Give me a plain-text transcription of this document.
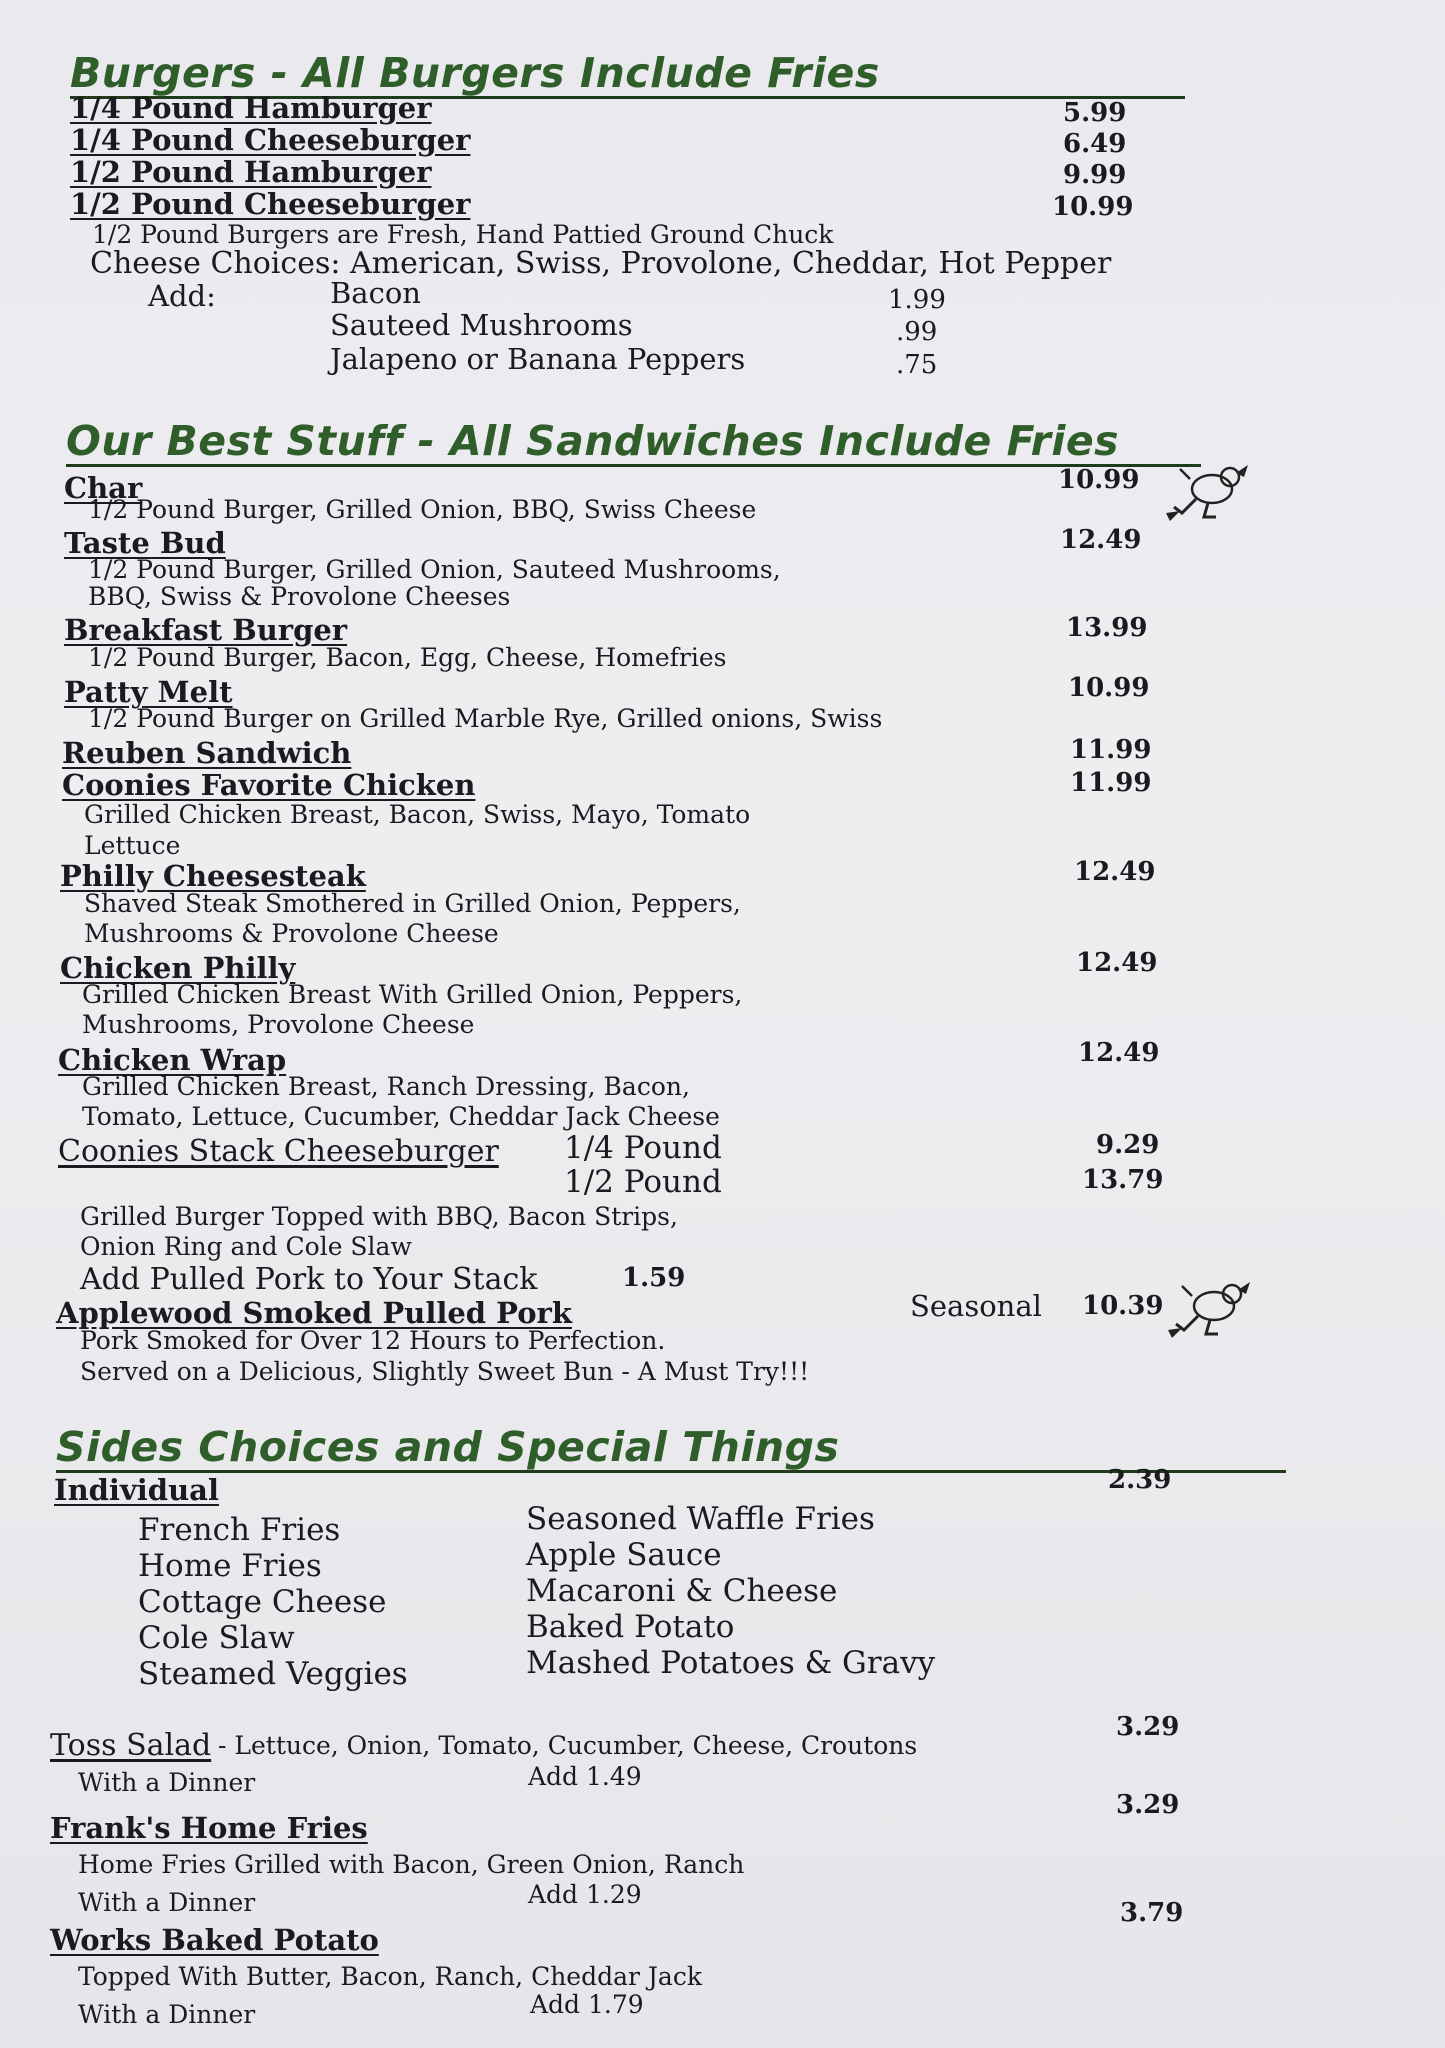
Burgers - All Burgers Include Fries
1/4 Pound Hamburger	5.99
1/4 Pound Cheeseburger	6.49
1/2 Pound Hamburger	9.99
1/2 Pound Cheeseburger	10.99
1/2 Pound Burgers are Fresh, Hand Pattied Ground Chuck
Cheese Choices: American, Swiss, Provolone, Cheddar, Hot Pepper
Add:	Bacon	1.99
Sauteed Mushrooms	.99
Jalapeno or Banana Peppers	.75
Our Best Stuff - All Sandwiches Include Fries
Char	10.99
1/2 Pound Burger, Grilled Onion, BBQ, Swiss Cheese
Taste Bud	12.49
1/2 Pound Burger, Grilled Onion, Sauteed Mushrooms,
BBQ, Swiss & Provolone Cheeses
Breakfast Burger	13.99
1/2 Pound Burger, Bacon, Egg, Cheese, Homefries
Patty Melt	10.99
1/2 Pound Burger on Grilled Marble Rye, Grilled onions, Swiss
Reuben Sandwich	11.99
Coonies Favorite Chicken	11.99
Grilled Chicken Breast, Bacon, Swiss, Mayo, Tomato
Lettuce
Philly Cheesesteak	12.49
Shaved Steak Smothered in Grilled Onion, Peppers,
Mushrooms & Provolone Cheese
Chicken Philly	12.49
Grilled Chicken Breast With Grilled Onion, Peppers,
Mushrooms, Provolone Cheese
Chicken Wrap	12.49
Grilled Chicken Breast, Ranch Dressing, Bacon,
Tomato, Lettuce, Cucumber, Cheddar Jack Cheese
Coonies Stack Cheeseburger 1/4 Pound	9.29
1/2 Pound	13.79
Grilled Burger Topped with BBQ, Bacon Strips,
Onion Ring and Cole Slaw
Add Pulled Pork to Your Stack	1.59
Applewood Smoked Pulled Pork	Seasonal 10.39
Pork Smoked for Over 12 Hours to Perfection.
Served on a Delicious, Slightly Sweet Bun - A Must Try!!!
Sides Choices and Special Things
Individual	2.39
French Fries
Home Fries
Cottage Cheese
Cole Slaw
Steamed Veggies
Seasoned Waffle Fries
Apple Sauce
Macaroni & Cheese
Baked Potato
Mashed Potatoes & Gravy
Toss Salad - Lettuce, Onion, Tomato, Cucumber, Cheese, Croutons
3.29
With a Dinner	Add 1.49
Frank's Home Fries
3.29
Home Fries Grilled with Bacon, Green Onion, Ranch
With a Dinner	Add 1.29
Works Baked Potato
3.79
Topped With Butter, Bacon, Ranch, Cheddar Jack
With a Dinner	Add 1.79
